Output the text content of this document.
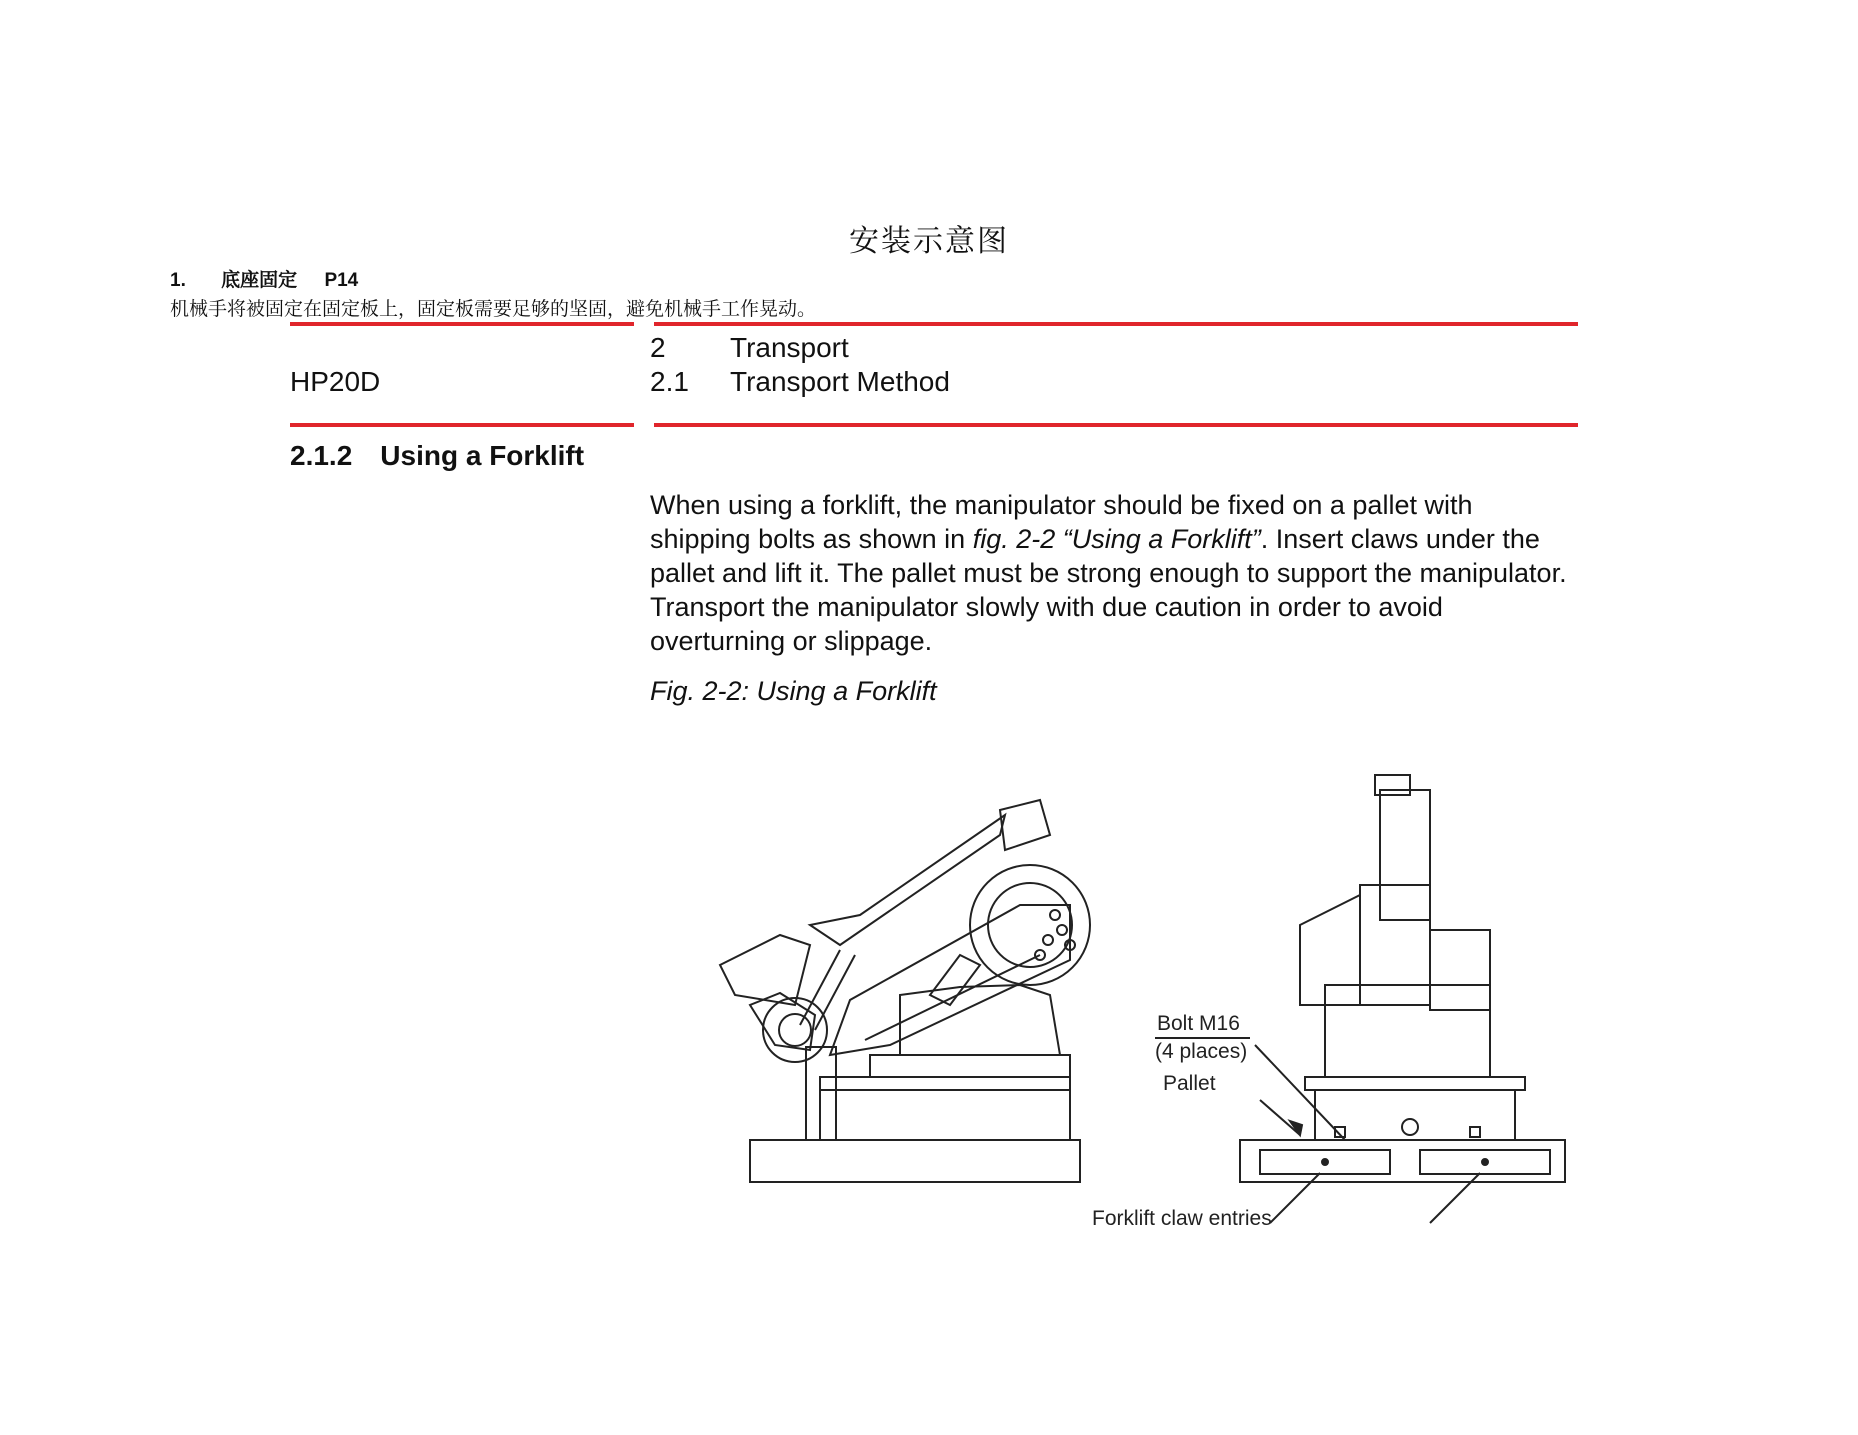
安装示意图
1. 底座固定 P14
机械手将被固定在固定板上，固定板需要足够的坚固，避免机械手工作晃动。
HP20D
2 Transport
2.1 Transport Method
2.1.2 Using a Forklift
When using a forklift, the manipulator should be fixed on a pallet with shipping bolts as shown in fig. 2-2 “Using a Forklift”. Insert claws under the pallet and lift it. The pallet must be strong enough to support the manipulator. Transport the manipulator slowly with due caution in order to avoid overturning or slippage.
Fig. 2-2: Using a Forklift
Bolt M16
(4 places)
Pallet
Forklift claw entries
